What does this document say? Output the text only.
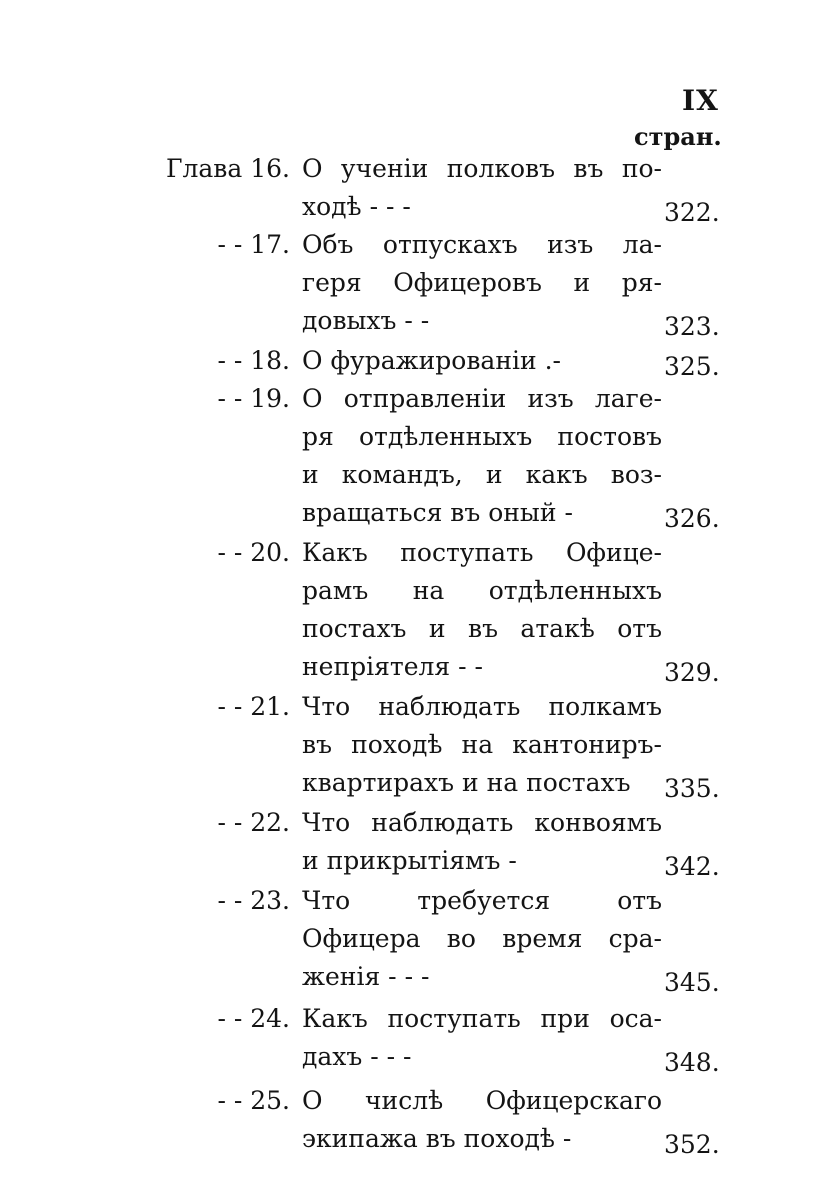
IX
стран.
Глава 16. О ученіи полковъ въ по-
ходѣ - - -	322.
- - 17. Объ отпускахъ изъ ла-
геря Офицеровъ и ря-
довыхъ - -	323.
- - 18. О фуражированіи .-	325.
- - 19. О отправленіи изъ лаге-
ря отдѣленныхъ постовъ
и командъ, и какъ воз-
вращаться въ оный -	326.
- - 20. Какъ поступать Офице-
рамъ на отдѣленныхъ
постахъ и въ атакѣ отъ
непріятеля - -	329.
- - 21. Что наблюдать полкамъ
въ походѣ на кантониръ-
квартирахъ и на постахъ	335.
- - 22. Что наблюдать конвоямъ
и прикрытіямъ -	342.
- - 23. Что требуется отъ
Офицера во время сра-
женія - - -	345.
- - 24. Какъ поступать при оса-
дахъ - - -	348.
- - 25. О числѣ Офицерскаго
экипажа въ походѣ -	352.
